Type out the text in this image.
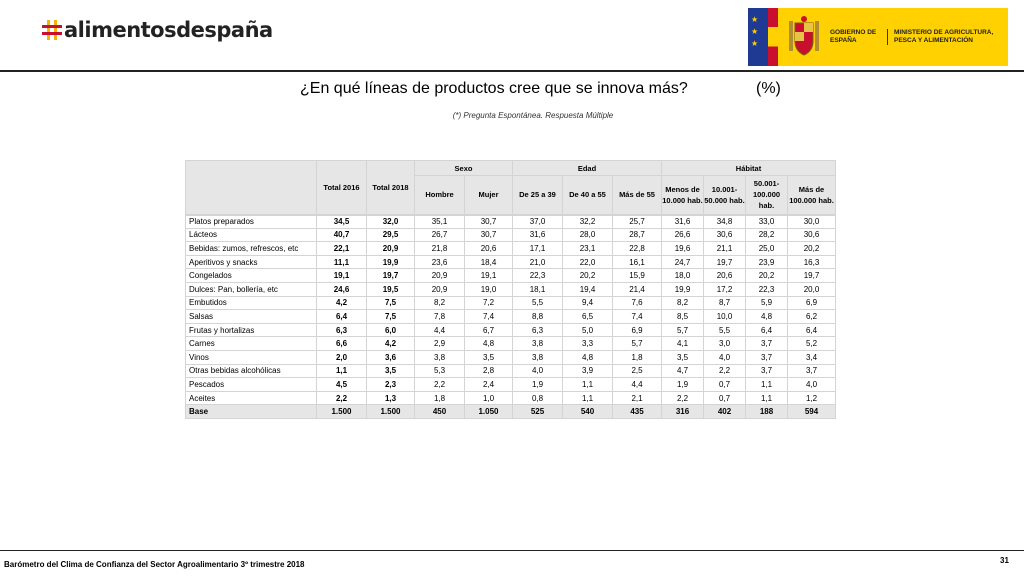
alimentosdespaña	★
★
★
GOBIERNO DE ESPAÑA
MINISTERIO DE AGRICULTURA, PESCA Y ALIMENTACIÓN
¿En qué líneas de productos cree que se innova más?	(%)
(*) Pregunta Espontánea. Respuesta Múltiple
	Total 2016	Total 2018	Sexo		Edad			Hábitat			
			Hombre	Mujer	De 25 a 39	De 40 a 55	Más de 55	Menos de 10.000 hab.	10.001- 50.000 hab.	50.001- 100.000 hab.	Más de 100.000 hab.
Platos preparados	34,5	32,0	35,1	30,7	37,0	32,2	25,7	31,6	34,8	33,0	30,0
Lácteos	40,7	29,5	26,7	30,7	31,6	28,0	28,7	26,6	30,6	28,2	30,6
Bebidas: zumos, refrescos, etc	22,1	20,9	21,8	20,6	17,1	23,1	22,8	19,6	21,1	25,0	20,2
Aperitivos y snacks	11,1	19,9	23,6	18,4	21,0	22,0	16,1	24,7	19,7	23,9	16,3
Congelados	19,1	19,7	20,9	19,1	22,3	20,2	15,9	18,0	20,6	20,2	19,7
Dulces: Pan, bollería, etc	24,6	19,5	20,9	19,0	18,1	19,4	21,4	19,9	17,2	22,3	20,0
Embutidos	4,2	7,5	8,2	7,2	5,5	9,4	7,6	8,2	8,7	5,9	6,9
Salsas	6,4	7,5	7,8	7,4	8,8	6,5	7,4	8,5	10,0	4,8	6,2
Frutas y hortalizas	6,3	6,0	4,4	6,7	6,3	5,0	6,9	5,7	5,5	6,4	6,4
Carnes	6,6	4,2	2,9	4,8	3,8	3,3	5,7	4,1	3,0	3,7	5,2
Vinos	2,0	3,6	3,8	3,5	3,8	4,8	1,8	3,5	4,0	3,7	3,4
Otras bebidas alcohólicas	1,1	3,5	5,3	2,8	4,0	3,9	2,5	4,7	2,2	3,7	3,7
Pescados	4,5	2,3	2,2	2,4	1,9	1,1	4,4	1,9	0,7	1,1	4,0
Aceites	2,2	1,3	1,8	1,0	0,8	1,1	2,1	2,2	0,7	1,1	1,2
Base	1.500	1.500	450	1.050	525	540	435	316	402	188	594
Barómetro del Clima de Confianza del Sector Agroalimentario 3º trimestre 2018	31
